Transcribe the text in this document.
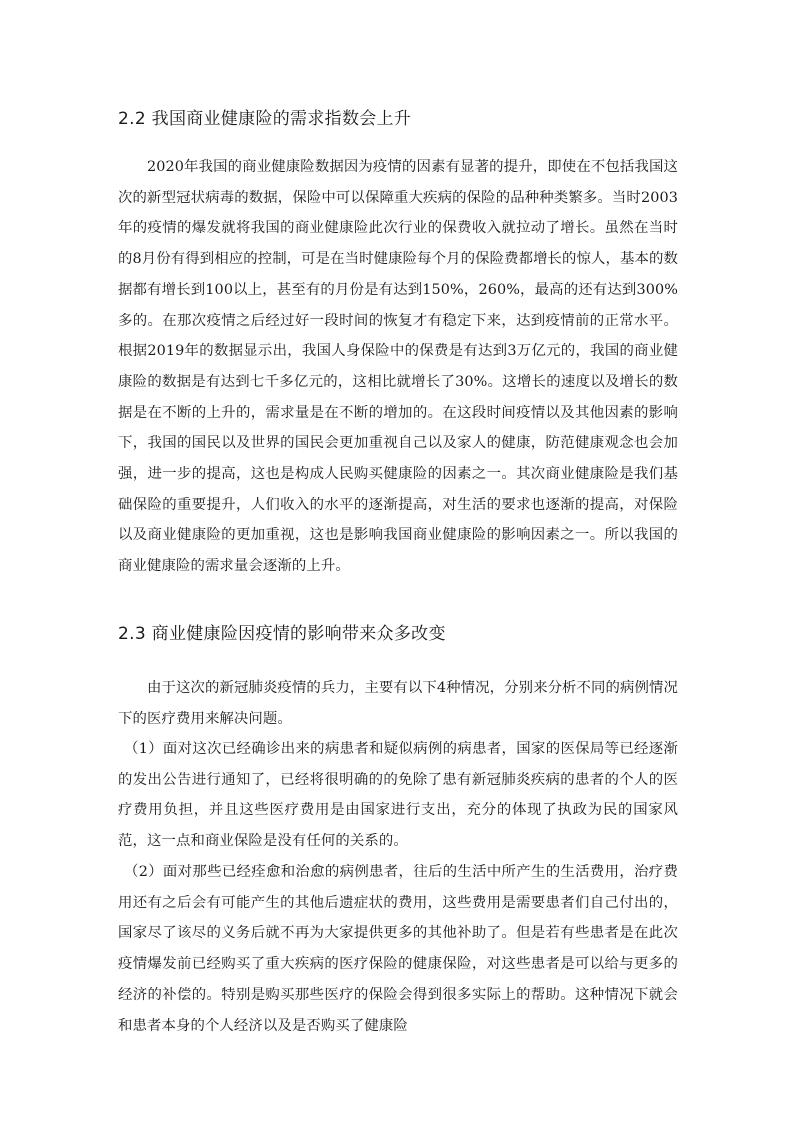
2.2 我国商业健康险的需求指数会上升

2020年我国的商业健康险数据因为疫情的因素有显著的提升，即使在不包括我国这次的新型冠状病毒的数据，保险中可以保障重大疾病的保险的品种种类繁多。当时2003年的疫情的爆发就将我国的商业健康险此次行业的保费收入就拉动了增长。虽然在当时的8月份有得到相应的控制，可是在当时健康险每个月的保险费都增长的惊人，基本的数据都有增长到100以上，甚至有的月份是有达到150%，260%，最高的还有达到300%多的。在那次疫情之后经过好一段时间的恢复才有稳定下来，达到疫情前的正常水平。根据2019年的数据显示出，我国人身保险中的保费是有达到3万亿元的，我国的商业健康险的数据是有达到七千多亿元的，这相比就增长了30%。这增长的速度以及增长的数据是在不断的上升的，需求量是在不断的增加的。在这段时间疫情以及其他因素的影响下，我国的国民以及世界的国民会更加重视自己以及家人的健康，防范健康观念也会加强，进一步的提高，这也是构成人民购买健康险的因素之一。其次商业健康险是我们基础保险的重要提升，人们收入的水平的逐渐提高，对生活的要求也逐渐的提高，对保险以及商业健康险的更加重视，这也是影响我国商业健康险的影响因素之一。所以我国的商业健康险的需求量会逐渐的上升。

2.3 商业健康险因疫情的影响带来众多改变

由于这次的新冠肺炎疫情的兵力，主要有以下4种情况，分别来分析不同的病例情况下的医疗费用来解决问题。

（1）面对这次已经确诊出来的病患者和疑似病例的病患者，国家的医保局等已经逐渐的发出公告进行通知了，已经将很明确的的免除了患有新冠肺炎疾病的患者的个人的医疗费用负担，并且这些医疗费用是由国家进行支出，充分的体现了执政为民的国家风范，这一点和商业保险是没有任何的关系的。

（2）面对那些已经痊愈和治愈的病例患者，往后的生活中所产生的生活费用，治疗费用还有之后会有可能产生的其他后遗症状的费用，这些费用是需要患者们自己付出的，国家尽了该尽的义务后就不再为大家提供更多的其他补助了。但是若有些患者是在此次疫情爆发前已经购买了重大疾病的医疗保险的健康保险，对这些患者是可以给与更多的经济的补偿的。特别是购买那些医疗的保险会得到很多实际上的帮助。这种情况下就会和患者本身的个人经济以及是否购买了健康险
